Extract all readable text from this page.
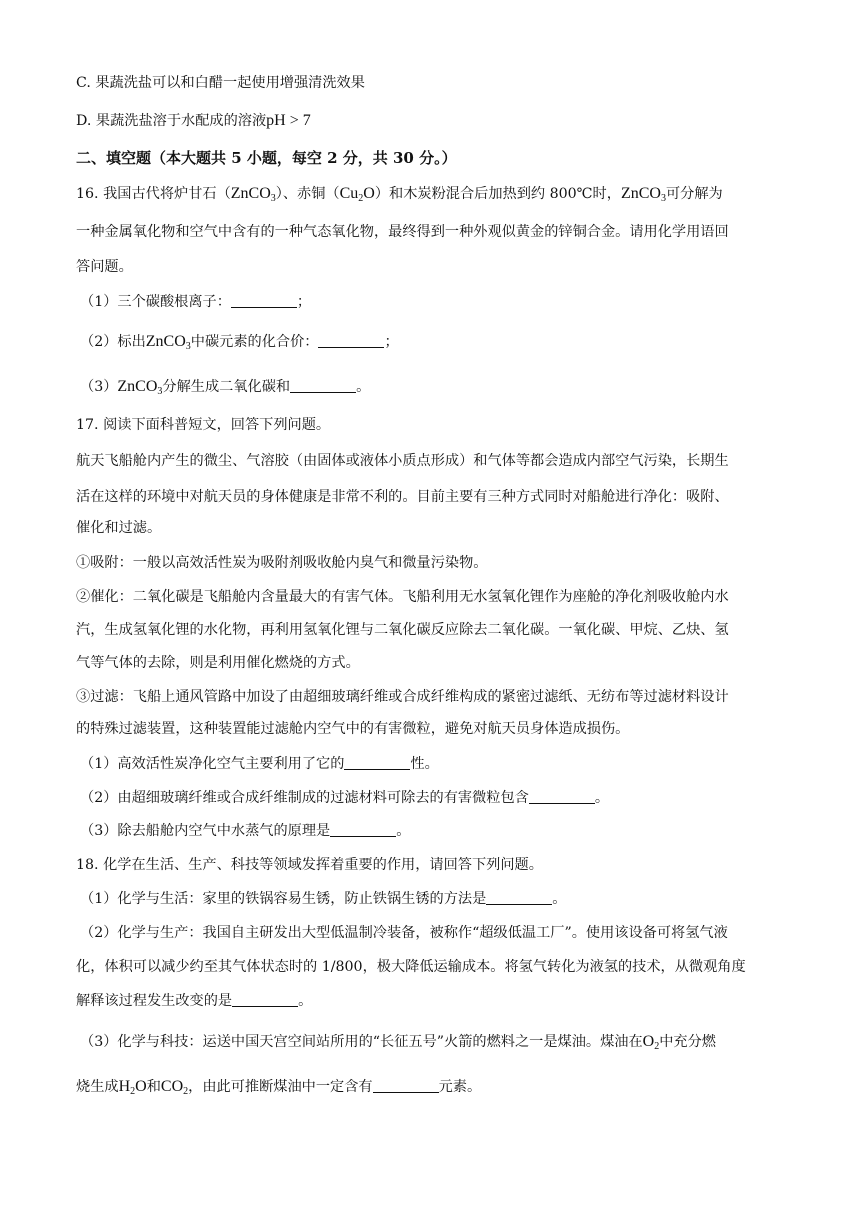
C. 果蔬洗盐可以和白醋一起使用增强清洗效果
D. 果蔬洗盐溶于水配成的溶液pH > 7
二、填空题（本大题共 5 小题，每空 2 分，共 30 分。）
16. 我国古代将炉甘石（ZnCO$_3$）、赤铜$(Cu_2O)$和木炭粉混合后加热到约 800℃时，ZnCO$_3$可分解为
一种金属氧化物和空气中含有的一种气态氧化物，最终得到一种外观似黄金的锌铜合金。请用化学用语回
答问题。
（1）三个碳酸根离子：	；
（2）标出ZnCO$_3$中碳元素的化合价：	；
（3）ZnCO$_3$分解生成二氧化碳和	。
17. 阅读下面科普短文，回答下列问题。
航天飞船舱内产生的微尘、气溶胶（由固体或液体小质点形成）和气体等都会造成内部空气污染，长期生
活在这样的环境中对航天员的身体健康是非常不利的。目前主要有三种方式同时对船舱进行净化：吸附、
催化和过滤。
①吸附：一般以高效活性炭为吸附剂吸收舱内臭气和微量污染物。
②催化：二氧化碳是飞船舱内含量最大的有害气体。飞船利用无水氢氧化锂作为座舱的净化剂吸收舱内水
汽，生成氢氧化锂的水化物，再利用氢氧化锂与二氧化碳反应除去二氧化碳。一氧化碳、甲烷、乙炔、氢
气等气体的去除，则是利用催化燃烧的方式。
③过滤：飞船上通风管路中加设了由超细玻璃纤维或合成纤维构成的紧密过滤纸、无纺布等过滤材料设计
的特殊过滤装置，这种装置能过滤舱内空气中的有害微粒，避免对航天员身体造成损伤。
（1）高效活性炭净化空气主要利用了它的	性。
（2）由超细玻璃纤维或合成纤维制成的过滤材料可除去的有害微粒包含	。
（3）除去船舱内空气中水蒸气的原理是	。
18. 化学在生活、生产、科技等领域发挥着重要的作用，请回答下列问题。
（1）化学与生活：家里的铁锅容易生锈，防止铁锅生锈的方法是	。
（2）化学与生产：我国自主研发出大型低温制冷装备，被称作“超级低温工厂”。使用该设备可将氢气液
化，体积可以减少约至其气体状态时的 1/800，极大降低运输成本。将氢气转化为液氢的技术，从微观角度
解释该过程发生改变的是	。
（3）化学与科技：运送中国天宫空间站所用的“长征五号”火箭的燃料之一是煤油。煤油在$O_2$中充分燃
烧生成$H_2O$和$CO_2$，由此可推断煤油中一定含有	元素。
